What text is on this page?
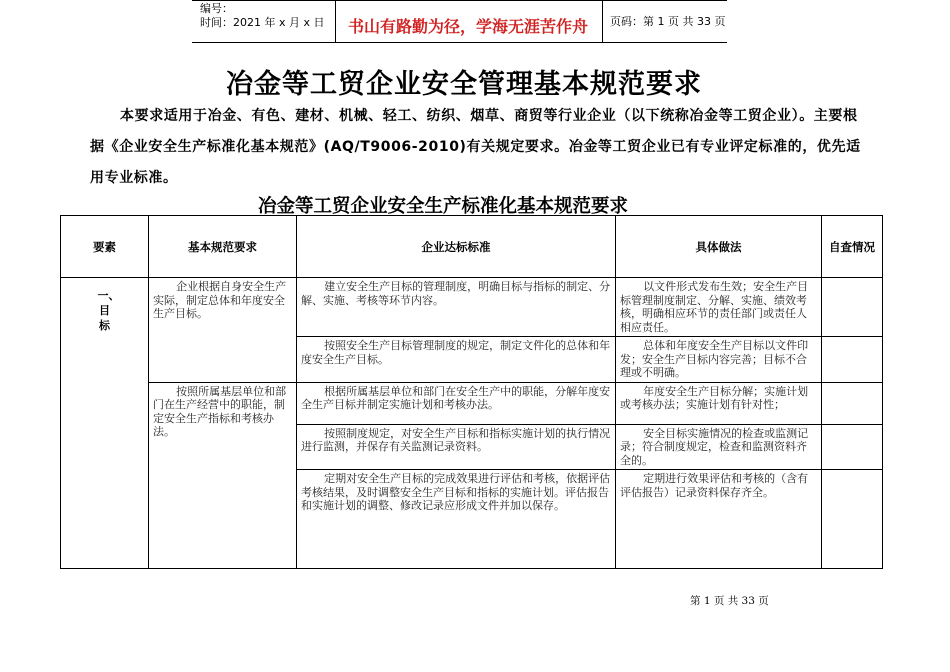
编号：
时间：2021 年 x 月 x 日	书山有路勤为径，学海无涯苦作舟	页码：第 1 页 共 33 页
冶金等工贸企业安全管理基本规范要求
本要求适用于冶金、有色、建材、机械、轻工、纺织、烟草、商贸等行业企业（以下统称冶金等工贸企业）。主要根据《企业安全生产标准化基本规范》(AQ/T9006-2010)有关规定要求。冶金等工贸企业已有专业评定标准的，优先适用专业标准。
冶金等工贸企业安全生产标准化基本规范要求
要素	基本规范要求	企业达标标准	具体做法	自查情况

一、目标	企业根据自身安全生产实际，制定总体和年度安全生产目标。	建立安全生产目标的管理制度，明确目标与指标的制定、分解、实施、考核等环节内容。	以文件形式发布生效；安全生产目标管理制度制定、分解、实施、绩效考核，明确相应环节的责任部门或责任人相应责任。	

		按照安全生产目标管理制度的规定，制定文件化的总体和年度安全生产目标。	总体和年度安全生产目标以文件印发；安全生产目标内容完善；目标不合理或不明确。	

	按照所属基层单位和部门在生产经营中的职能，制定安全生产指标和考核办法。	根据所属基层单位和部门在安全生产中的职能，分解年度安全生产目标并制定实施计划和考核办法。	年度安全生产目标分解；实施计划或考核办法；实施计划有针对性；	

		按照制度规定，对安全生产目标和指标实施计划的执行情况进行监测，并保存有关监测记录资料。	安全目标实施情况的检查或监测记录；符合制度规定，检查和监测资料齐全的。	

		定期对安全生产目标的完成效果进行评估和考核，依据评估考核结果，及时调整安全生产目标和指标的实施计划。评估报告和实施计划的调整、修改记录应形成文件并加以保存。	定期进行效果评估和考核的（含有评估报告）记录资料保存齐全。	

第 1 页 共 33 页
